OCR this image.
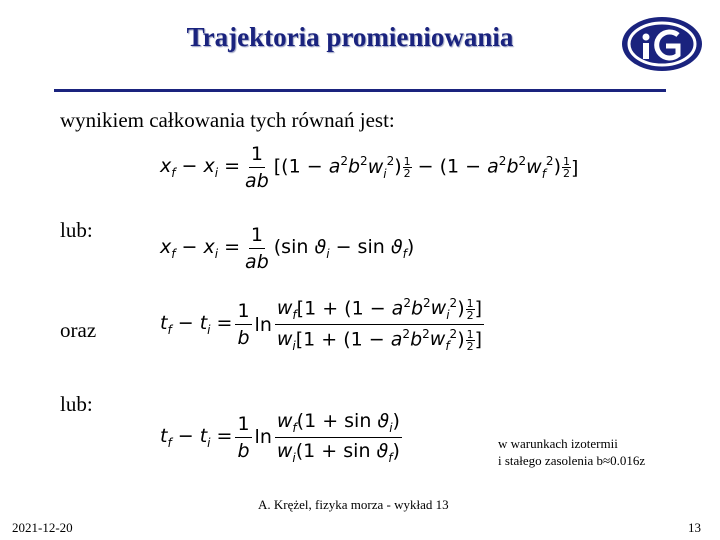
Trajektoria promieniowania
wynikiem całkowania tych równań jest:
$x_f - x_i = \frac{1}{ab} [(1 - a^2b^2w_i^2)$ 1
$2 - (1 - a^2b^2w_f^2)$ 1
2 ]
lub:
$x_f - x_i = \frac{1}{ab} (\sin$ $ϑ_i - \sin ϑ_f$)
oraz	$t_f - t_i = \frac{1}{b}$ $\ln \frac{w_f[1 + (1 - a^2b^2w_i^2) \frac{1}{2} ]}{w_i[1 + (1 - a^2b^2w_f^2) \frac{1}{2} ]}$
lub:
$t_f - t_i = \frac{1}{b}$ $\ln \frac{w_f(1 + \sin ϑ_i)}{w_i(1 + \sin ϑ_f)}$	w warunkach izotermii
i stałego zasolenia b≈0.016z
A. Krężel, fizyka morza - wykład 13
2021-12-20	13
